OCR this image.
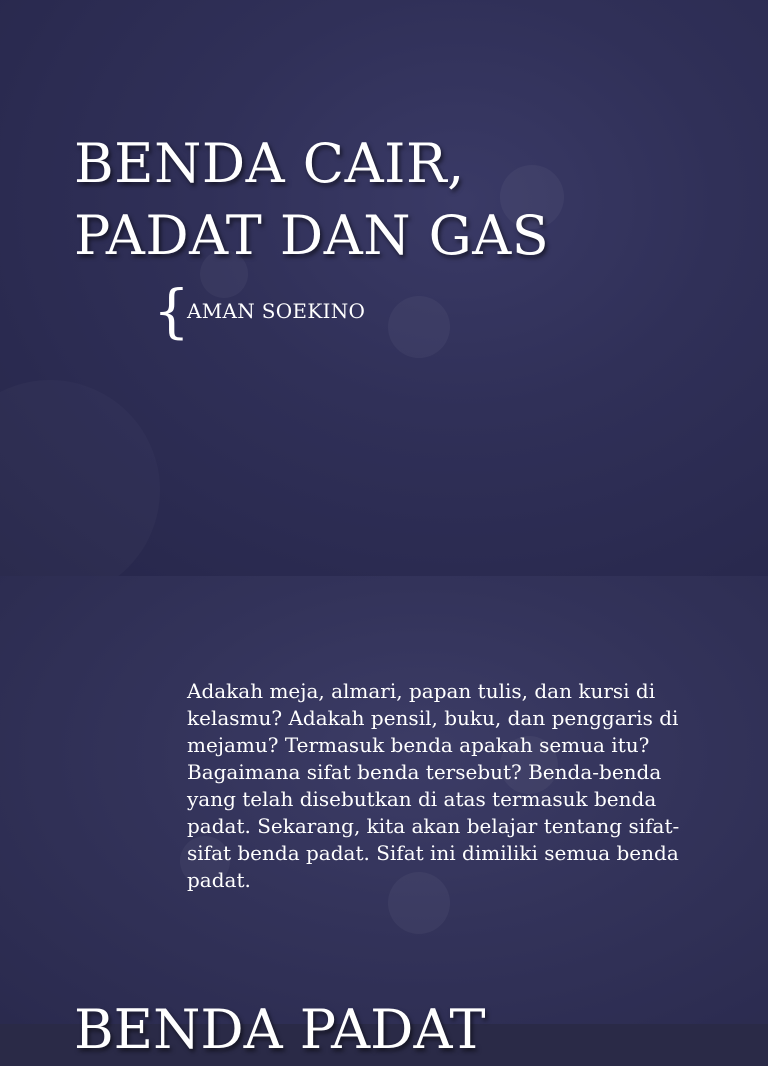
BENDA CAIR,
PADAT DAN GAS
{
AMAN SOEKINO

Adakah meja, almari, papan tulis, dan kursi di kelasmu? Adakah pensil, buku, dan penggaris di mejamu? Termasuk benda apakah semua itu? Bagaimana sifat benda tersebut? Benda-benda yang telah disebutkan di atas termasuk benda padat. Sekarang, kita akan belajar tentang sifat-sifat benda padat. Sifat ini dimiliki semua benda padat.

BENDA PADAT
